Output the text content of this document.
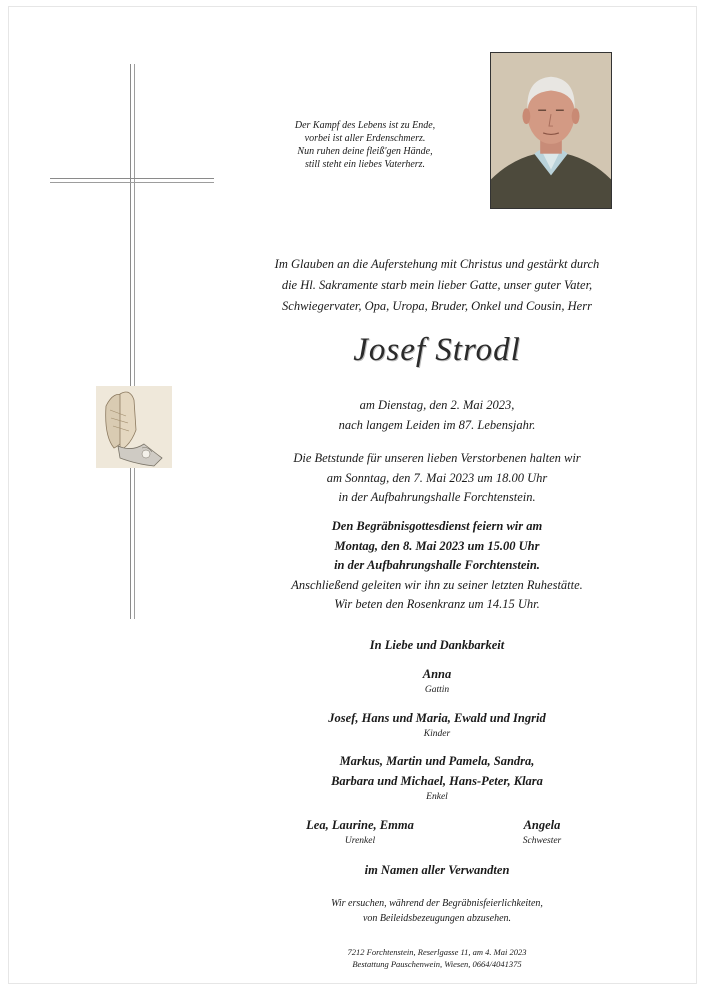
Der Kampf des Lebens ist zu Ende,
vorbei ist aller Erdenschmerz.
Nun ruhen deine fleiß'gen Hände,
still steht ein liebes Vaterherz.
Im Glauben an die Auferstehung mit Christus und gestärkt durch
die Hl. Sakramente starb mein lieber Gatte, unser guter Vater,
Schwiegervater, Opa, Uropa, Bruder, Onkel und Cousin, Herr
Josef Strodl
am Dienstag, den 2. Mai 2023,
nach langem Leiden im 87. Lebensjahr.
Die Betstunde für unseren lieben Verstorbenen halten wir
am Sonntag, den 7. Mai 2023 um 18.00 Uhr
in der Aufbahrungshalle Forchtenstein.
Den Begräbnisgottesdienst feiern wir am
Montag, den 8. Mai 2023 um 15.00 Uhr
in der Aufbahrungshalle Forchtenstein.
Anschließend geleiten wir ihn zu seiner letzten Ruhestätte.
Wir beten den Rosenkranz um 14.15 Uhr.
In Liebe und Dankbarkeit
Anna
Gattin
Josef, Hans und Maria, Ewald und Ingrid
Kinder
Markus, Martin und Pamela, Sandra,
Barbara und Michael, Hans-Peter, Klara
Enkel
Lea, Laurine, Emma
Urenkel
Angela
Schwester
im Namen aller Verwandten
Wir ersuchen, während der Begräbnisfeierlichkeiten,
von Beileidsbezeugungen abzusehen.
7212 Forchtenstein, Reserlgasse 11, am 4. Mai 2023
Bestattung Pauschenwein, Wiesen, 0664/4041375
